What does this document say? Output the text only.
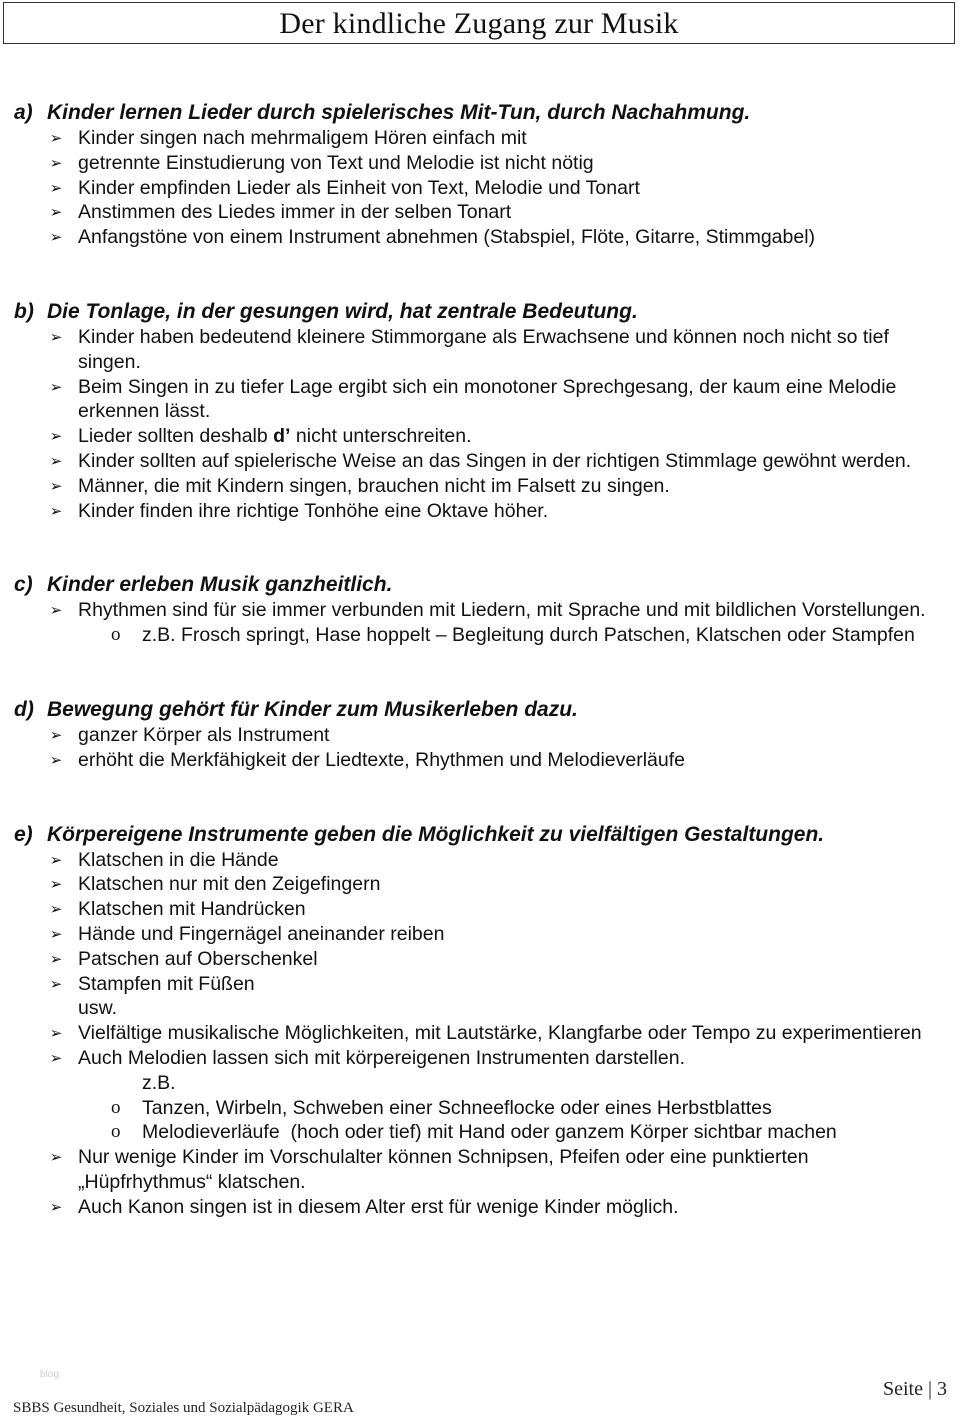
Der kindliche Zugang zur Musik
a) Kinder lernen Lieder durch spielerisches Mit-Tun, durch Nachahmung.
➢ Kinder singen nach mehrmaligem Hören einfach mit
➢ getrennte Einstudierung von Text und Melodie ist nicht nötig
➢ Kinder empfinden Lieder als Einheit von Text, Melodie und Tonart
➢ Anstimmen des Liedes immer in der selben Tonart
➢ Anfangstöne von einem Instrument abnehmen (Stabspiel, Flöte, Gitarre, Stimmgabel)
b) Die Tonlage, in der gesungen wird, hat zentrale Bedeutung.
➢ Kinder haben bedeutend kleinere Stimmorgane als Erwachsene und können noch nicht so tief singen.
➢ Beim Singen in zu tiefer Lage ergibt sich ein monotoner Sprechgesang, der kaum eine Melodie erkennen lässt.
➢ Lieder sollten deshalb d’ nicht unterschreiten.
➢ Kinder sollten auf spielerische Weise an das Singen in der richtigen Stimmlage gewöhnt werden.
➢ Männer, die mit Kindern singen, brauchen nicht im Falsett zu singen.
➢ Kinder finden ihre richtige Tonhöhe eine Oktave höher.
c) Kinder erleben Musik ganzheitlich.
➢ Rhythmen sind für sie immer verbunden mit Liedern, mit Sprache und mit bildlichen Vorstellungen.
o z.B. Frosch springt, Hase hoppelt – Begleitung durch Patschen, Klatschen oder Stampfen
d) Bewegung gehört für Kinder zum Musikerleben dazu.
➢ ganzer Körper als Instrument
➢ erhöht die Merkfähigkeit der Liedtexte, Rhythmen und Melodieverläufe
e) Körpereigene Instrumente geben die Möglichkeit zu vielfältigen Gestaltungen.
➢ Klatschen in die Hände
➢ Klatschen nur mit den Zeigefingern
➢ Klatschen mit Handrücken
➢ Hände und Fingernägel aneinander reiben
➢ Patschen auf Oberschenkel
➢ Stampfen mit Füßen
usw.
➢ Vielfältige musikalische Möglichkeiten, mit Lautstärke, Klangfarbe oder Tempo zu experimentieren
➢ Auch Melodien lassen sich mit körpereigenen Instrumenten darstellen.
z.B.
o Tanzen, Wirbeln, Schweben einer Schneeflocke oder eines Herbstblattes
o Melodieverläufe  (hoch oder tief) mit Hand oder ganzem Körper sichtbar machen
➢ Nur wenige Kinder im Vorschulalter können Schnipsen, Pfeifen oder eine punktierten „Hüpfrhythmus“ klatschen.
➢ Auch Kanon singen ist in diesem Alter erst für wenige Kinder möglich.
blog
SBBS Gesundheit, Soziales und Sozialpädagogik GERA
Seite | 3
